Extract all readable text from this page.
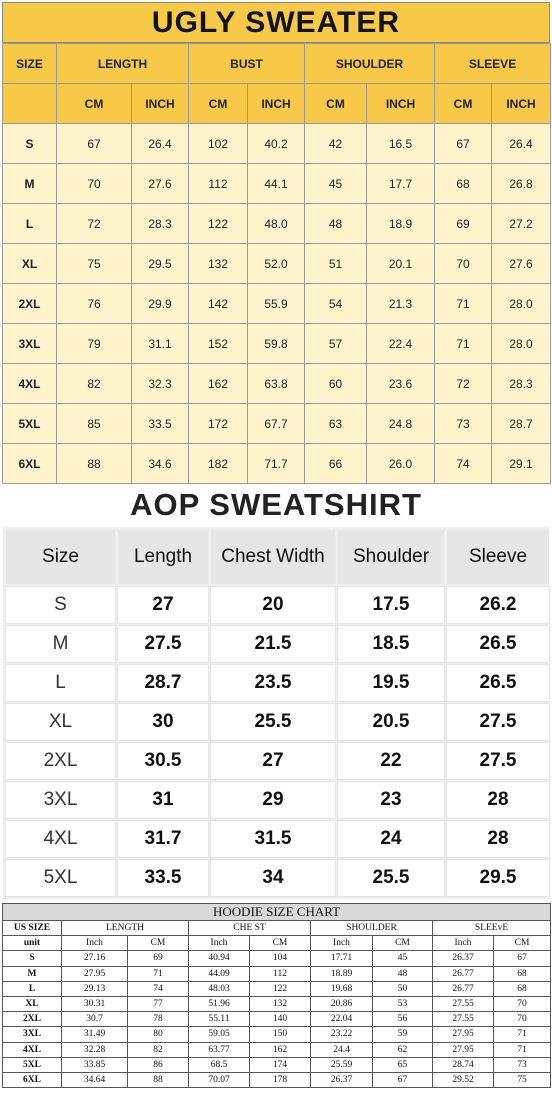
UGLY SWEATER
SIZE	LENGTH		BUST		SHOULDER		SLEEVE	
	CM	INCH	CM	INCH	CM	INCH	CM	INCH
S	67	26.4	102	40.2	42	16.5	67	26.4
M	70	27.6	112	44.1	45	17.7	68	26.8
L	72	28.3	122	48.0	48	18.9	69	27.2
XL	75	29.5	132	52.0	51	20.1	70	27.6
2XL	76	29.9	142	55.9	54	21.3	71	28.0
3XL	79	31.1	152	59.8	57	22.4	71	28.0
4XL	82	32.3	162	63.8	60	23.6	72	28.3
5XL	85	33.5	172	67.7	63	24.8	73	28.7
6XL	88	34.6	182	71.7	66	26.0	74	29.1
AOP SWEATSHIRT
Size	Length	Chest Width	Shoulder	Sleeve
S	27	20	17.5	26.2
M	27.5	21.5	18.5	26.5
L	28.7	23.5	19.5	26.5
XL	30	25.5	20.5	27.5
2XL	30.5	27	22	27.5
3XL	31	29	23	28
4XL	31.7	31.5	24	28
5XL	33.5	34	25.5	29.5
HOODIE SIZE CHART								
US SIZE	LENGTH		CHE ST		SHOULDER		SLEEvE	
unit	Inch	CM	Inch	CM	Inch	CM	Inch	CM
S	27.16	69	40.94	104	17.71	45	26.37	67
M	27.95	71	44.09	112	18.89	48	26.77	68
L	29.13	74	48.03	122	19.68	50	26.77	68
XL	30.31	77	51.96	132	20.86	53	27.55	70
2XL	30.7	78	55.11	140	22.04	56	27.55	70
3XL	31.49	80	59.05	150	23.22	59	27.95	71
4XL	32.28	82	63.77	162	24.4	62	27.95	71
5XL	33.85	86	68.5	174	25.59	65	28.74	73
6XL	34.64	88	70.07	178	26.37	67	29.52	75
